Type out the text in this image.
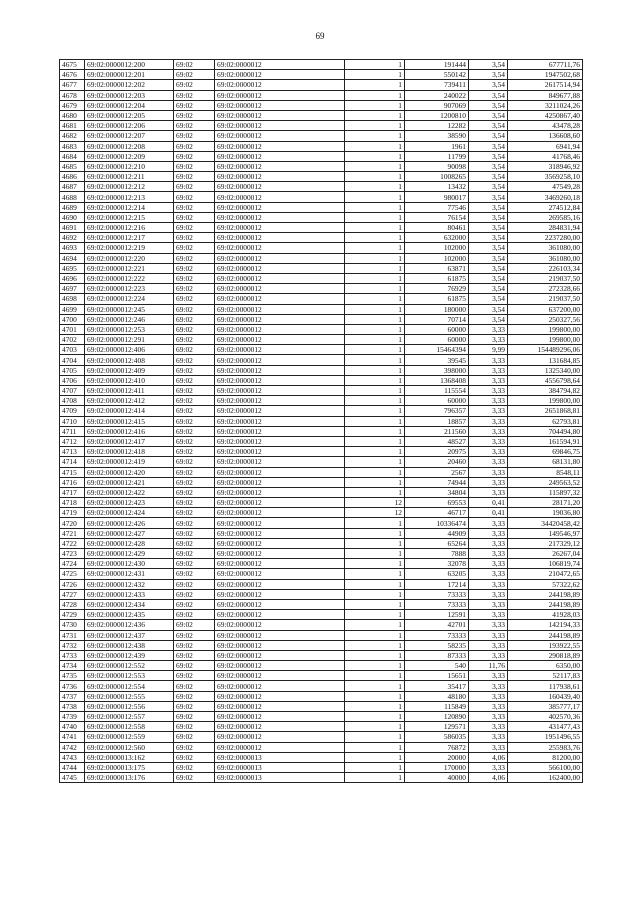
69
4675	69:02:0000012:200	69:02	69:02:0000012	1	191444	3,54	677711,76
4676	69:02:0000012:201	69:02	69:02:0000012	1	550142	3,54	1947502,68
4677	69:02:0000012:202	69:02	69:02:0000012	1	739411	3,54	2617514,94
4678	69:02:0000012:203	69:02	69:02:0000012	1	240022	3,54	849677,88
4679	69:02:0000012:204	69:02	69:02:0000012	1	907069	3,54	3211024,26
4680	69:02:0000012:205	69:02	69:02:0000012	1	1200810	3,54	4250867,40
4681	69:02:0000012:206	69:02	69:02:0000012	1	12282	3,54	43478,28
4682	69:02:0000012:207	69:02	69:02:0000012	1	38590	3,54	136608,60
4683	69:02:0000012:208	69:02	69:02:0000012	1	1961	3,54	6941,94
4684	69:02:0000012:209	69:02	69:02:0000012	1	11799	3,54	41768,46
4685	69:02:0000012:210	69:02	69:02:0000012	1	90098	3,54	318946,92
4686	69:02:0000012:211	69:02	69:02:0000012	1	1008265	3,54	3569258,10
4687	69:02:0000012:212	69:02	69:02:0000012	1	13432	3,54	47549,28
4688	69:02:0000012:213	69:02	69:02:0000012	1	980017	3,54	3469260,18
4689	69:02:0000012:214	69:02	69:02:0000012	1	77546	3,54	274512,84
4690	69:02:0000012:215	69:02	69:02:0000012	1	76154	3,54	269585,16
4691	69:02:0000012:216	69:02	69:02:0000012	1	80461	3,54	284831,94
4692	69:02:0000012:217	69:02	69:02:0000012	1	632000	3,54	2237280,00
4693	69:02:0000012:219	69:02	69:02:0000012	1	102000	3,54	361080,00
4694	69:02:0000012:220	69:02	69:02:0000012	1	102000	3,54	361080,00
4695	69:02:0000012:221	69:02	69:02:0000012	1	63871	3,54	226103,34
4696	69:02:0000012:222	69:02	69:02:0000012	1	61875	3,54	219037,50
4697	69:02:0000012:223	69:02	69:02:0000012	1	76929	3,54	272328,66
4698	69:02:0000012:224	69:02	69:02:0000012	1	61875	3,54	219037,50
4699	69:02:0000012:245	69:02	69:02:0000012	1	180000	3,54	637200,00
4700	69:02:0000012:246	69:02	69:02:0000012	1	70714	3,54	250327,56
4701	69:02:0000012:253	69:02	69:02:0000012	1	60000	3,33	199800,00
4702	69:02:0000012:291	69:02	69:02:0000012	1	60000	3,33	199800,00
4703	69:02:0000012:406	69:02	69:02:0000012	1	15464394	9,99	154489296,06
4704	69:02:0000012:408	69:02	69:02:0000012	1	39545	3,33	131684,85
4705	69:02:0000012:409	69:02	69:02:0000012	1	398000	3,33	1325340,00
4706	69:02:0000012:410	69:02	69:02:0000012	1	1368408	3,33	4556798,64
4707	69:02:0000012:411	69:02	69:02:0000012	1	115554	3,33	384794,82
4708	69:02:0000012:412	69:02	69:02:0000012	1	60000	3,33	199800,00
4709	69:02:0000012:414	69:02	69:02:0000012	1	796357	3,33	2651868,81
4710	69:02:0000012:415	69:02	69:02:0000012	1	18857	3,33	62793,81
4711	69:02:0000012:416	69:02	69:02:0000012	1	211560	3,33	704494,80
4712	69:02:0000012:417	69:02	69:02:0000012	1	48527	3,33	161594,91
4713	69:02:0000012:418	69:02	69:02:0000012	1	20975	3,33	69846,75
4714	69:02:0000012:419	69:02	69:02:0000012	1	20460	3,33	68131,80
4715	69:02:0000012:420	69:02	69:02:0000012	1	2567	3,33	8548,11
4716	69:02:0000012:421	69:02	69:02:0000012	1	74944	3,33	249563,52
4717	69:02:0000012:422	69:02	69:02:0000012	1	34804	3,33	115897,32
4718	69:02:0000012:423	69:02	69:02:0000012	12	69553	0,41	28171,20
4719	69:02:0000012:424	69:02	69:02:0000012	12	46717	0,41	19036,80
4720	69:02:0000012:426	69:02	69:02:0000012	1	10336474	3,33	34420458,42
4721	69:02:0000012:427	69:02	69:02:0000012	1	44909	3,33	149546,97
4722	69:02:0000012:428	69:02	69:02:0000012	1	65264	3,33	217329,12
4723	69:02:0000012:429	69:02	69:02:0000012	1	7888	3,33	26267,04
4724	69:02:0000012:430	69:02	69:02:0000012	1	32078	3,33	106819,74
4725	69:02:0000012:431	69:02	69:02:0000012	1	63205	3,33	210472,65
4726	69:02:0000012:432	69:02	69:02:0000012	1	17214	3,33	57322,62
4727	69:02:0000012:433	69:02	69:02:0000012	1	73333	3,33	244198,89
4728	69:02:0000012:434	69:02	69:02:0000012	1	73333	3,33	244198,89
4729	69:02:0000012:435	69:02	69:02:0000012	1	12591	3,33	41928,03
4730	69:02:0000012:436	69:02	69:02:0000012	1	42701	3,33	142194,33
4731	69:02:0000012:437	69:02	69:02:0000012	1	73333	3,33	244198,89
4732	69:02:0000012:438	69:02	69:02:0000012	1	58235	3,33	193922,55
4733	69:02:0000012:439	69:02	69:02:0000012	1	87333	3,33	290818,89
4734	69:02:0000012:552	69:02	69:02:0000012	1	540	11,76	6350,00
4735	69:02:0000012:553	69:02	69:02:0000012	1	15651	3,33	52117,83
4736	69:02:0000012:554	69:02	69:02:0000012	1	35417	3,33	117938,61
4737	69:02:0000012:555	69:02	69:02:0000012	1	48180	3,33	160439,40
4738	69:02:0000012:556	69:02	69:02:0000012	1	115849	3,33	385777,17
4739	69:02:0000012:557	69:02	69:02:0000012	1	120890	3,33	402570,36
4740	69:02:0000012:558	69:02	69:02:0000012	1	129571	3,33	431477,43
4741	69:02:0000012:559	69:02	69:02:0000012	1	586035	3,33	1951496,55
4742	69:02:0000012:560	69:02	69:02:0000012	1	76872	3,33	255983,76
4743	69:02:0000013:162	69:02	69:02:0000013	1	20000	4,06	81200,00
4744	69:02:0000013:175	69:02	69:02:0000013	1	170000	3,33	566100,00
4745	69:02:0000013:176	69:02	69:02:0000013	1	40000	4,06	162400,00
